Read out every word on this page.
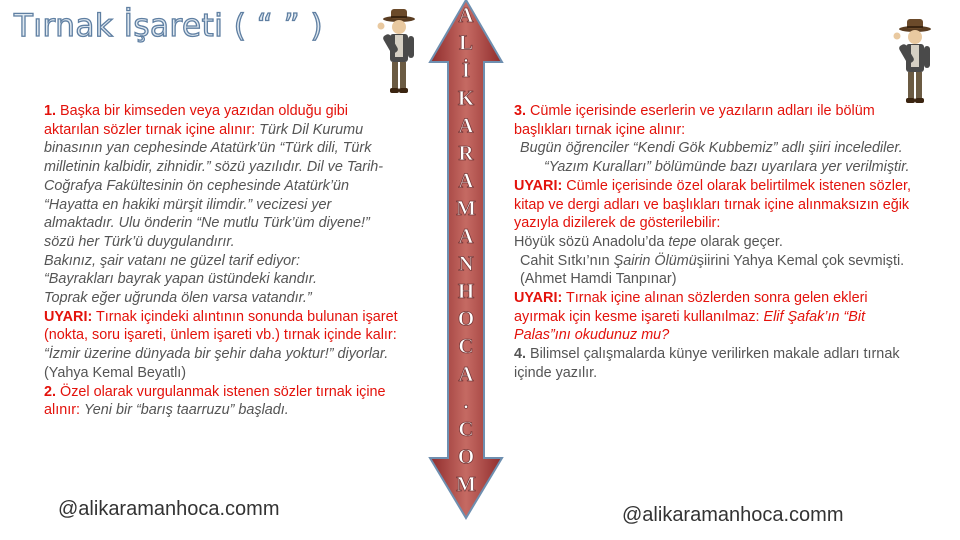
Tırnak İşareti ( “ ” )	A
L
İ
K
A
R
A
M
A
N
H
O
C
A
.
C
O
M

1. Başka bir kimseden veya yazıdan olduğu gibi aktarılan sözler tırnak içine alınır: Türk Dil Kurumu binasının yan cephesinde Atatürk’ün “Türk dili, Türk milletinin kalbidir, zihnidir.” sözü yazılıdır. Dil ve Tarih-Coğrafya Fakültesinin ön cephesinde Atatürk’ün “Hayatta en hakiki mürşit ilimdir.” vecizesi yer almaktadır. Ulu önderin “Ne mutlu Türk’üm diyene!” sözü her Türk’ü duygulandırır.

Bakınız, şair vatanı ne güzel tarif ediyor:

“Bayrakları bayrak yapan üstündeki kandır.

Toprak eğer uğrunda ölen varsa vatandır.”

UYARI: Tırnak içindeki alıntının sonunda bulunan işaret (nokta, soru işareti, ünlem işareti vb.) tırnak içinde kalır:

“İzmir üzerine dünyada bir şehir daha yoktur!” diyorlar. (Yahya Kemal Beyatlı)

2. Özel olarak vurgulanmak istenen sözler tırnak içine alınır: Yeni bir “barış taarruzu” başladı.

3. Cümle içerisinde eserlerin ve yazıların adları ile bölüm başlıkları tırnak içine alınır:

Bugün öğrenciler “Kendi Gök Kubbemiz” adlı şiiri incelediler.

“Yazım Kuralları” bölümünde bazı uyarılara yer verilmiştir.

UYARI: Cümle içerisinde özel olarak belirtilmek istenen sözler, kitap ve dergi adları ve başlıkları tırnak içine alınmaksızın eğik yazıyla dizilerek de gösterilebilir:

Höyük sözü Anadolu’da tepe olarak geçer.

Cahit Sıtkı’nın Şairin Ölümüşiirini Yahya Kemal çok sevmişti. (Ahmet Hamdi Tanpınar)

UYARI: Tırnak içine alınan sözlerden sonra gelen ekleri ayırmak için kesme işareti kullanılmaz: Elif Şafak’ın “Bit Palas”ını okudunuz mu?

4. Bilimsel çalışmalarda künye verilirken makale adları tırnak içinde yazılır.

@alikaramanhoca.comm	@alikaramanhoca.comm
